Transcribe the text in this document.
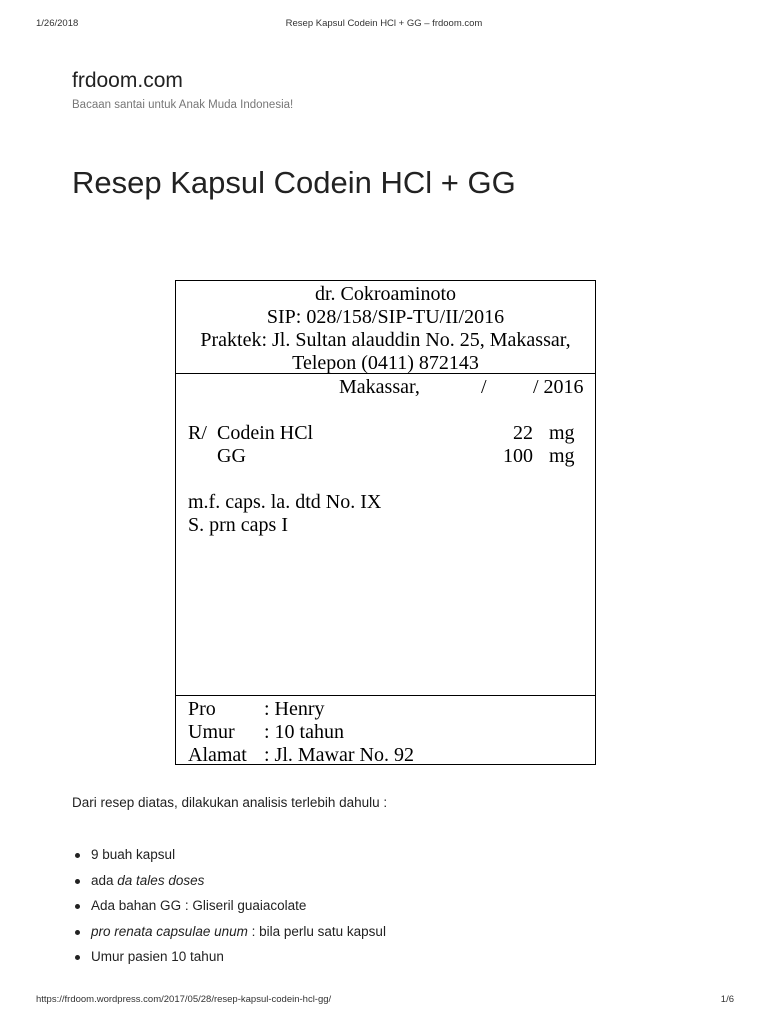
1/26/2018	Resep Kapsul Codein HCl + GG – frdoom.com
frdoom.com
Bacaan santai untuk Anak Muda Indonesia!
Resep Kapsul Codein HCl + GG
dr. Cokroaminoto
SIP: 028/158/SIP-TU/II/2016
Praktek: Jl. Sultan alauddin No. 25, Makassar,
Telepon (0411) 872143
Makassar,	/ / 2016
R/ Codein HCl	22 mg
GG	100 mg
m.f. caps. la. dtd No. IX
S. prn caps I
Pro : Henry
Umur : 10 tahun
Alamat : Jl. Mawar No. 92

Dari resep diatas, dilakukan analisis terlebih dahulu :

9 buah kapsul
ada da tales doses
Ada bahan GG : Gliseril guaiacolate
pro renata capsulae unum : bila perlu satu kapsul
Umur pasien 10 tahun
https://frdoom.wordpress.com/2017/05/28/resep-kapsul-codein-hcl-gg/	1/6
